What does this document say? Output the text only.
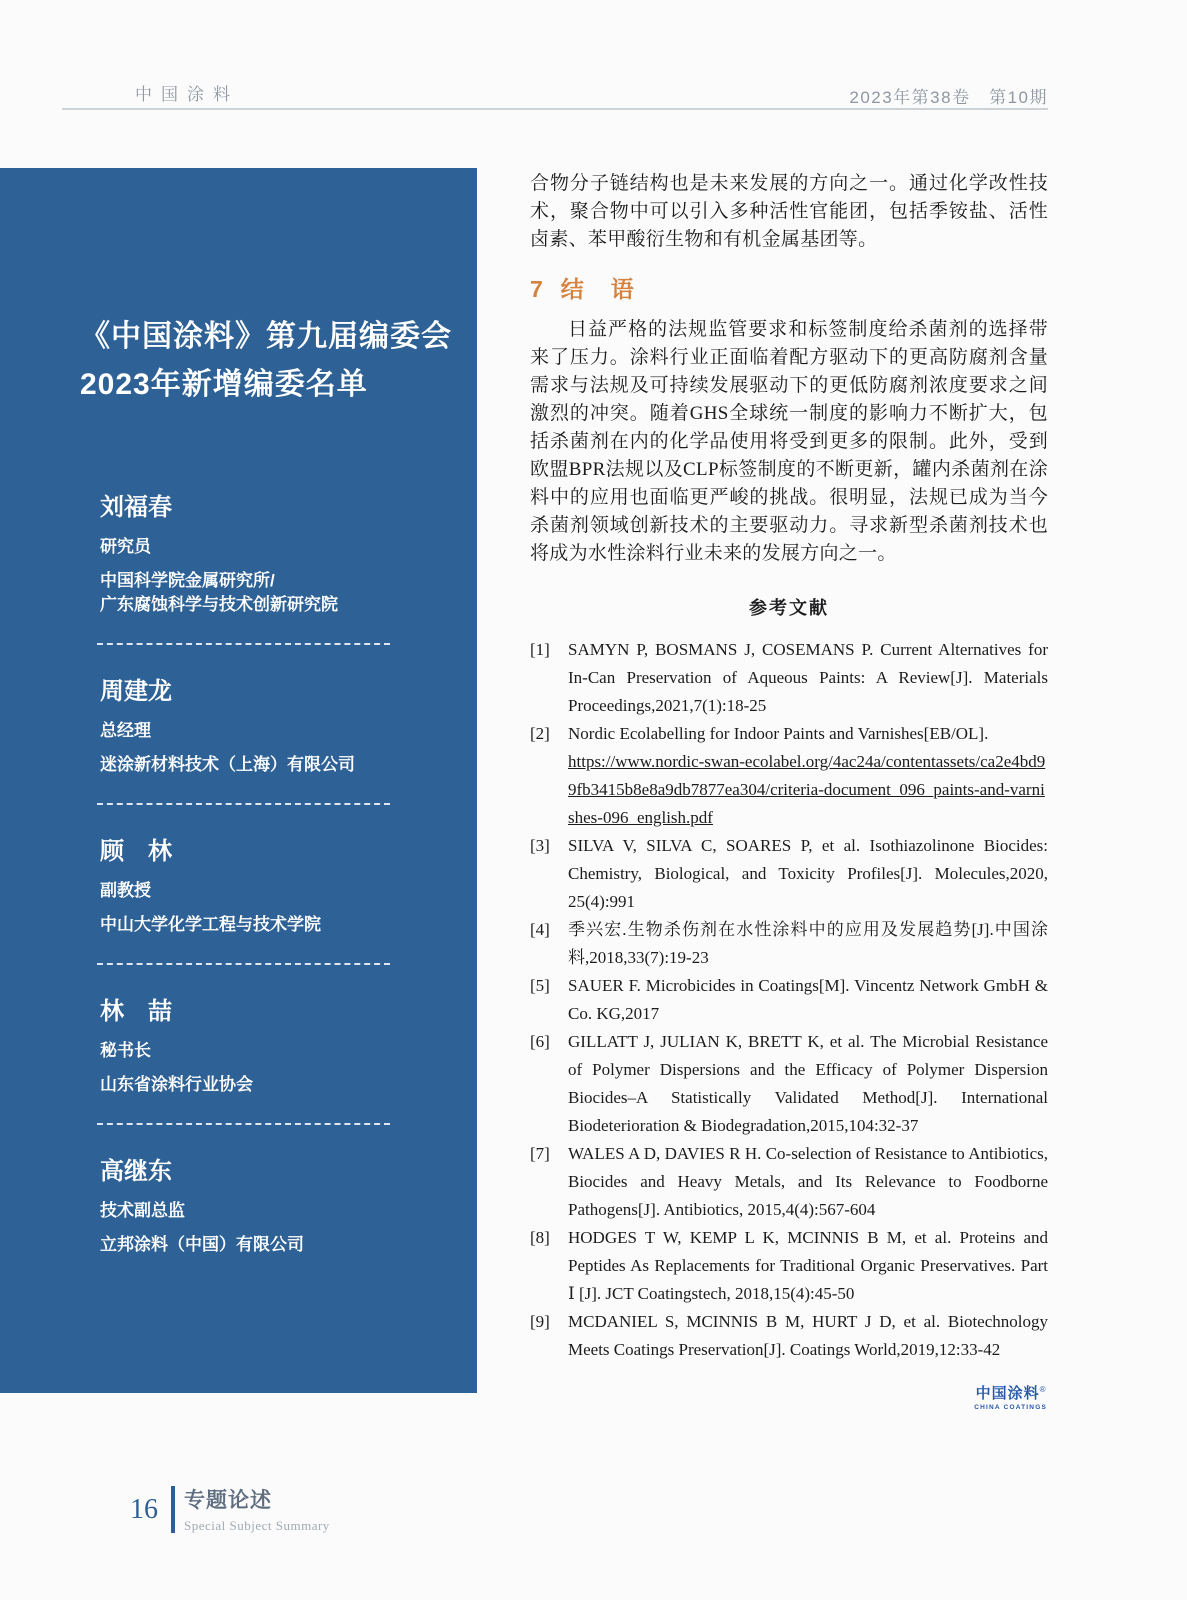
中国涂料	2023年第38卷　第10期
《中国涂料》第九届编委会
2023年新增编委名单
刘福春
研究员
中国科学院金属研究所/
广东腐蚀科学与技术创新研究院
周建龙
总经理
迷涂新材料技术（上海）有限公司
顾　林
副教授
中山大学化学工程与技术学院
林　喆
秘书长
山东省涂料行业协会
高继东
技术副总监
立邦涂料（中国）有限公司
合物分子链结构也是未来发展的方向之一。通过化学改性技术，聚合物中可以引入多种活性官能团，包括季铵盐、活性卤素、苯甲酸衍生物和有机金属基团等。
7 结　语
日益严格的法规监管要求和标签制度给杀菌剂的选择带来了压力。涂料行业正面临着配方驱动下的更高防腐剂含量需求与法规及可持续发展驱动下的更低防腐剂浓度要求之间激烈的冲突。随着GHS全球统一制度的影响力不断扩大，包括杀菌剂在内的化学品使用将受到更多的限制。此外，受到欧盟BPR法规以及CLP标签制度的不断更新，罐内杀菌剂在涂料中的应用也面临更严峻的挑战。很明显，法规已成为当今杀菌剂领域创新技术的主要驱动力。寻求新型杀菌剂技术也将成为水性涂料行业未来的发展方向之一。
参考文献
[1]	SAMYN P, BOSMANS J, COSEMANS P. Current Alternatives for In-Can Preservation of Aqueous Paints: A Review[J]. Materials Proceedings,2021,7(1):18-25
[2]	Nordic Ecolabelling for Indoor Paints and Varnishes[EB/OL].
https://www.nordic-swan-ecolabel.org/4ac24a/contentassets/ca2e4bd99fb3415b8e8a9db7877ea304/criteria-document_096_paints-and-varnishes-096_english.pdf
[3]	SILVA V, SILVA C, SOARES P, et al. Isothiazolinone Biocides: Chemistry, Biological, and Toxicity Profiles[J]. Molecules,2020, 25(4):991
[4]	季兴宏.生物杀伤剂在水性涂料中的应用及发展趋势[J].中国涂料,2018,33(7):19-23
[5]	SAUER F. Microbicides in Coatings[M]. Vincentz Network GmbH & Co. KG,2017
[6]	GILLATT J, JULIAN K, BRETT K, et al. The Microbial Resistance of Polymer Dispersions and the Efficacy of Polymer Dispersion Biocides–A Statistically Validated Method[J]. International Biodeterioration & Biodegradation,2015,104:32-37
[7]	WALES A D, DAVIES R H. Co-selection of Resistance to Antibiotics, Biocides and Heavy Metals, and Its Relevance to Foodborne Pathogens[J]. Antibiotics, 2015,4(4):567-604
[8]	HODGES T W, KEMP L K, MCINNIS B M, et al. Proteins and Peptides As Replacements for Traditional Organic Preservatives. Part Ⅰ [J]. JCT Coatingstech, 2018,15(4):45-50
[9]	MCDANIEL S, MCINNIS B M, HURT J D, et al. Biotechnology Meets Coatings Preservation[J]. Coatings World,2019,12:33-42
中国涂料®
CHINA COATINGS
16 专题论述
Special Subject Summary
